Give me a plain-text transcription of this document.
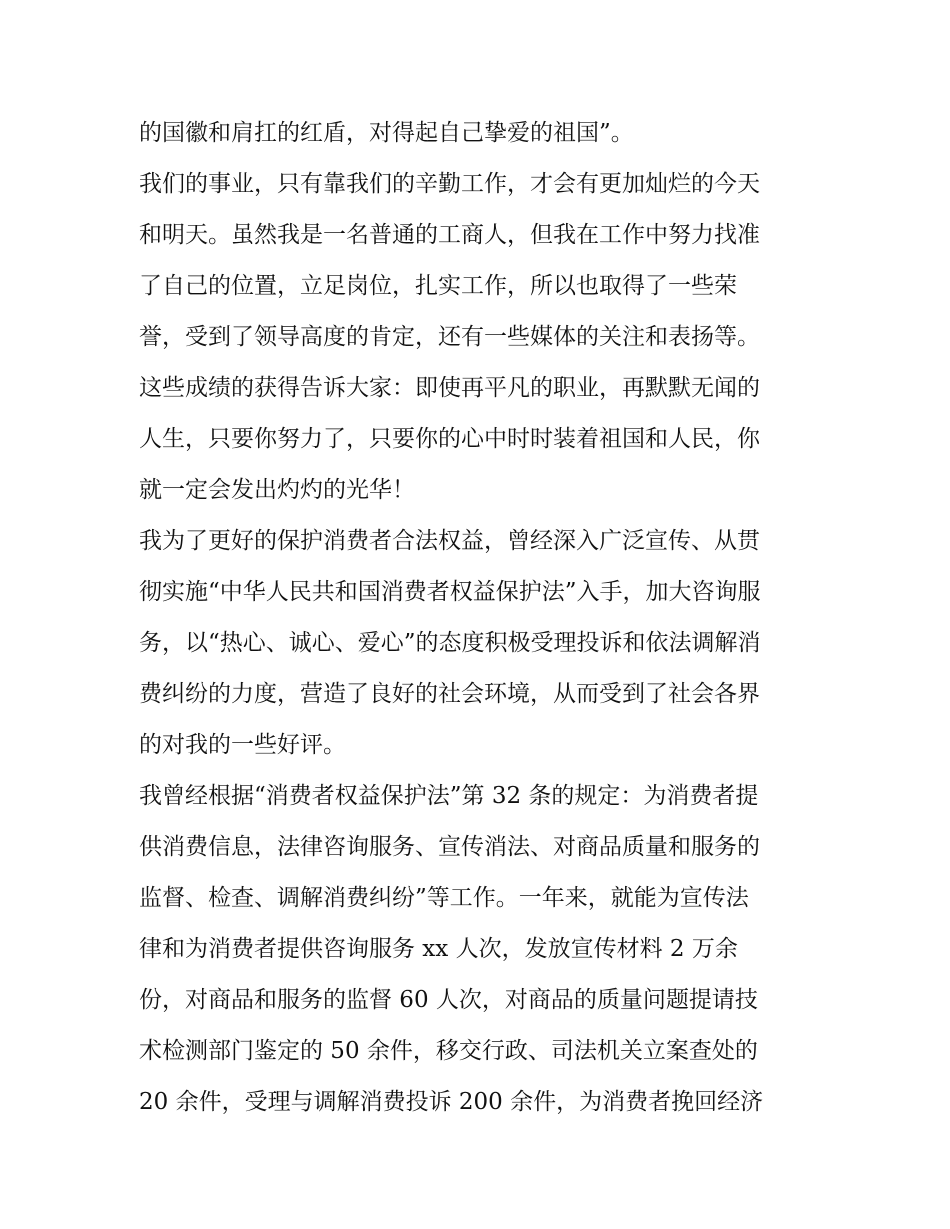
的国徽和肩扛的红盾，对得起自己挚爱的祖国”。
我们的事业，只有靠我们的辛勤工作，才会有更加灿烂的今天
和明天。虽然我是一名普通的工商人，但我在工作中努力找准
了自己的位置，立足岗位，扎实工作，所以也取得了一些荣
誉，受到了领导高度的肯定，还有一些媒体的关注和表扬等。
这些成绩的获得告诉大家：即使再平凡的职业，再默默无闻的
人生，只要你努力了，只要你的心中时时装着祖国和人民，你
就一定会发出灼灼的光华！
我为了更好的保护消费者合法权益，曾经深入广泛宣传、从贯
彻实施“中华人民共和国消费者权益保护法”入手，加大咨询服
务，以“热心、诚心、爱心”的态度积极受理投诉和依法调解消
费纠纷的力度，营造了良好的社会环境，从而受到了社会各界
的对我的一些好评。
我曾经根据“消费者权益保护法”第 32 条的规定：为消费者提
供消费信息，法律咨询服务、宣传消法、对商品质量和服务的
监督、检查、调解消费纠纷”等工作。一年来，就能为宣传法
律和为消费者提供咨询服务 xx 人次，发放宣传材料 2 万余
份，对商品和服务的监督 60 人次，对商品的质量问题提请技
术检测部门鉴定的 50 余件，移交行政、司法机关立案查处的
20 余件，受理与调解消费投诉 200 余件，为消费者挽回经济
